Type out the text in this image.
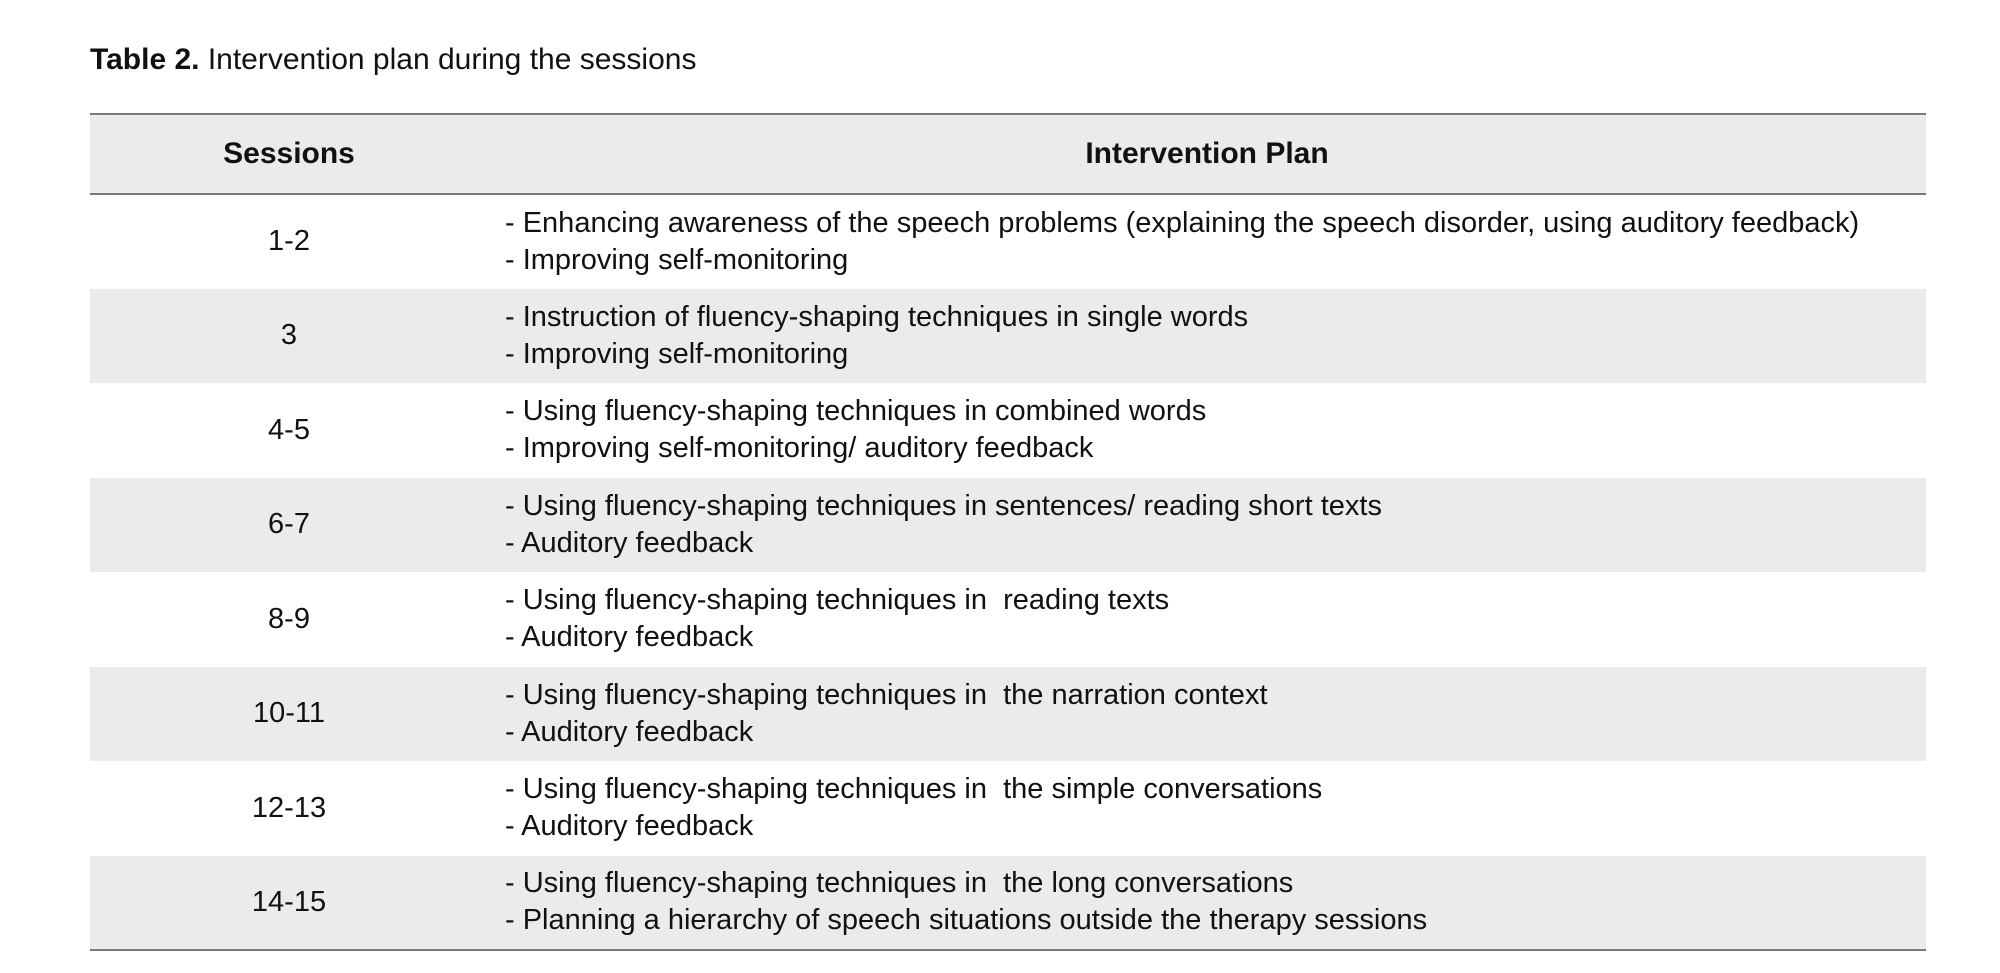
Table 2. Intervention plan during the sessions
Sessions	Intervention Plan
1-2	- Enhancing awareness of the speech problems (explaining the speech disorder, using auditory feedback)
- Improving self-monitoring

3	- Instruction of fluency-shaping techniques in single words
- Improving self-monitoring

4-5	- Using fluency-shaping techniques in combined words
- Improving self-monitoring/ auditory feedback

6-7	- Using fluency-shaping techniques in sentences/ reading short texts
- Auditory feedback

8-9	- Using fluency-shaping techniques in  reading texts
- Auditory feedback

10-11	- Using fluency-shaping techniques in  the narration context
- Auditory feedback

12-13	- Using fluency-shaping techniques in  the simple conversations
- Auditory feedback

14-15	- Using fluency-shaping techniques in  the long conversations
- Planning a hierarchy of speech situations outside the therapy sessions
